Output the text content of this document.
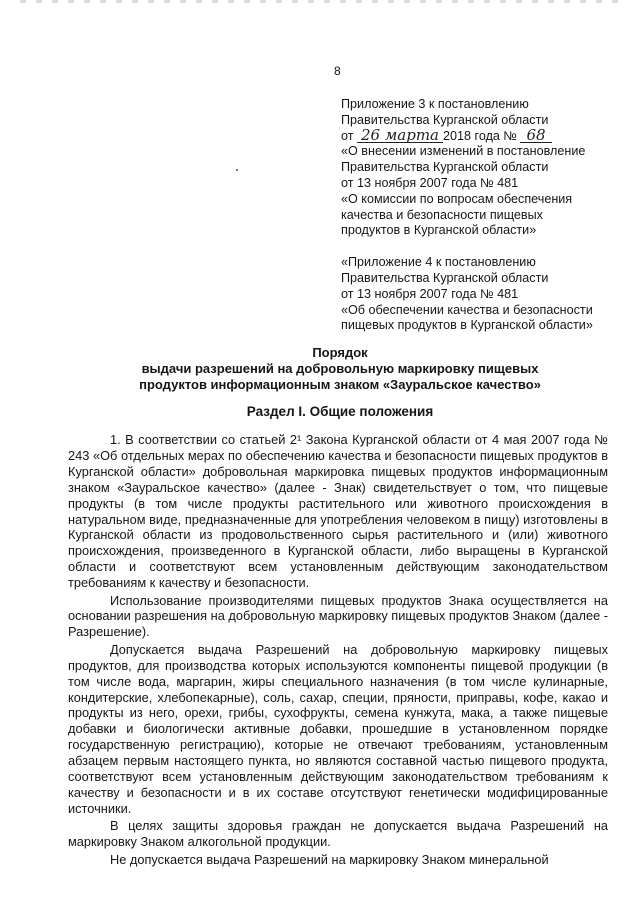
8
Приложение 3 к постановлению
Правительства Курганской области
от 26 марта 2018 года № 68
«О внесении изменений в постановление
Правительства Курганской области
от 13 ноября 2007 года № 481
«О комиссии по вопросам обеспечения
качества и безопасности пищевых
продуктов в Курганской области»
«Приложение 4 к постановлению
Правительства Курганской области
от 13 ноября 2007 года № 481
«Об обеспечении качества и безопасности
пищевых продуктов в Курганской области»
Порядок
выдачи разрешений на добровольную маркировку пищевых
продуктов информационным знаком «Зауральское качество»
Раздел I. Общие положения

1. В соответствии со статьей 2¹ Закона Курганской области от 4 мая 2007 года № 243 «Об отдельных мерах по обеспечению качества и безопасности пищевых продуктов в Курганской области» добровольная маркировка пищевых продуктов информационным знаком «Зауральское качество» (далее - Знак) свидетельствует о том, что пищевые продукты (в том числе продукты растительного или животного происхождения в натуральном виде, предназначенные для употребления человеком в пищу) изготовлены в Курганской области из продовольственного сырья растительного и (или) животного происхождения, произведенного в Курганской области, либо выращены в Курганской области и соответствуют всем установленным действующим законодательством требованиям к качеству и безопасности.

Использование производителями пищевых продуктов Знака осуществляется на основании разрешения на добровольную маркировку пищевых продуктов Знаком (далее - Разрешение).

Допускается выдача Разрешений на добровольную маркировку пищевых продуктов, для производства которых используются компоненты пищевой продукции (в том числе вода, маргарин, жиры специального назначения (в том числе кулинарные, кондитерские, хлебопекарные), соль, сахар, специи, пряности, приправы, кофе, какао и продукты из него, орехи, грибы, сухофрукты, семена кунжута, мака, а также пищевые добавки и биологически активные добавки, прошедшие в установленном порядке государственную регистрацию), которые не отвечают требованиям, установленным абзацем первым настоящего пункта, но являются составной частью пищевого продукта, соответствуют всем установленным действующим законодательством требованиям к качеству и безопасности и в их составе отсутствуют генетически модифицированные источники.

В целях защиты здоровья граждан не допускается выдача Разрешений на маркировку Знаком алкогольной продукции.

Не допускается выдача Разрешений на маркировку Знаком минеральной
